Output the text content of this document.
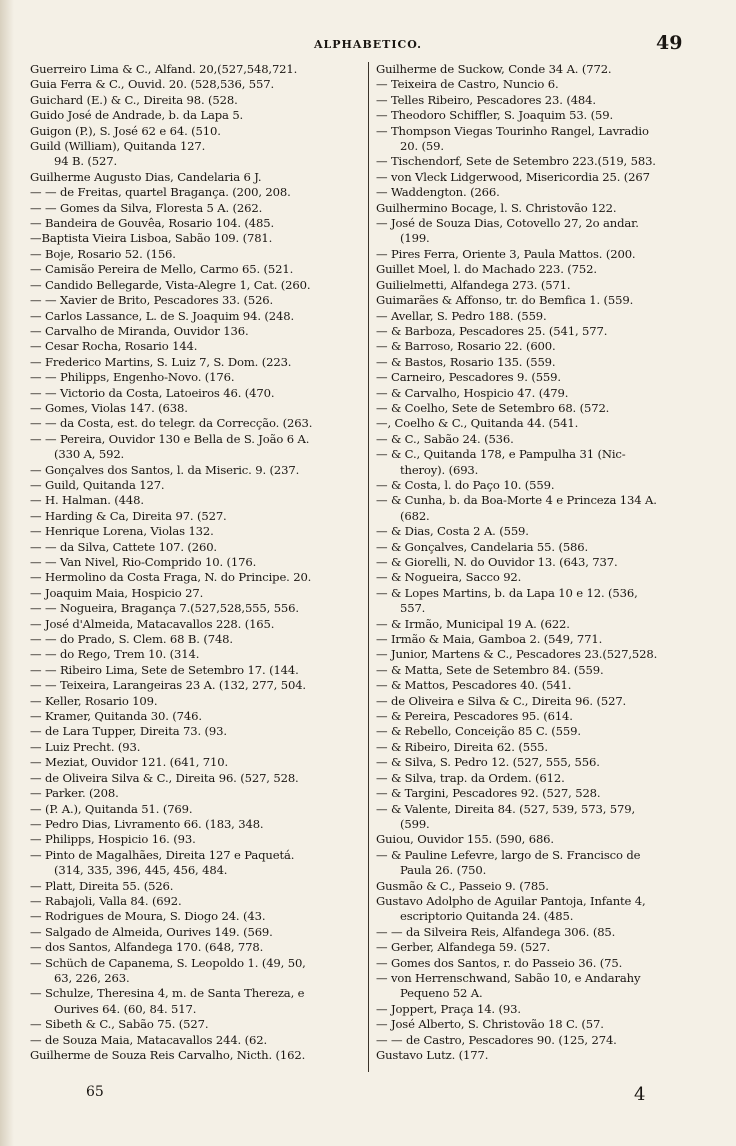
ALPHABETICO.	49
Guerreiro Lima & C., Alfand. 20,(527,548,721.
Guia Ferra & C., Ouvid. 20. (528,536, 557.
Guichard (E.) & C., Direita 98. (528.
Guido José de Andrade, b. da Lapa 5.
Guigon (P.), S. José 62 e 64. (510.
Guild (William), Quitanda 127.
94 B. (527.
Guilherme Augusto Dias, Candelaria 6 J.
— — de Freitas, quartel Bragança. (200, 208.
— — Gomes da Silva, Floresta 5 A. (262.
— Bandeira de Gouvêa, Rosario 104. (485.
—Baptista Vieira Lisboa, Sabão 109. (781.
— Boje, Rosario 52. (156.
— Camisão Pereira de Mello, Carmo 65. (521.
— Candido Bellegarde, Vista-Alegre 1, Cat. (260.
— — Xavier de Brito, Pescadores 33. (526.
— Carlos Lassance, L. de S. Joaquim 94. (248.
— Carvalho de Miranda, Ouvidor 136.
— Cesar Rocha, Rosario 144.
— Frederico Martins, S. Luiz 7, S. Dom. (223.
— — Philipps, Engenho-Novo. (176.
— — Victorio da Costa, Latoeiros 46. (470.
— Gomes, Violas 147. (638.
— — da Costa, est. do telegr. da Correcção. (263.
— — Pereira, Ouvidor 130 e Bella de S. João 6 A.
(330 A, 592.
— Gonçalves dos Santos, l. da Miseric. 9. (237.
— Guild, Quitanda 127.
— H. Halman. (448.
— Harding & Ca, Direita 97. (527.
— Henrique Lorena, Violas 132.
— — da Silva, Cattete 107. (260.
— — Van Nivel, Rio-Comprido 10. (176.
— Hermolino da Costa Fraga, N. do Principe. 20.
— Joaquim Maia, Hospicio 27.
— — Nogueira, Bragança 7.(527,528,555, 556.
— José d'Almeida, Matacavallos 228. (165.
— — do Prado, S. Clem. 68 B. (748.
— — do Rego, Trem 10. (314.
— — Ribeiro Lima, Sete de Setembro 17. (144.
— — Teixeira, Larangeiras 23 A. (132, 277, 504.
— Keller, Rosario 109.
— Kramer, Quitanda 30. (746.
— de Lara Tupper, Direita 73. (93.
— Luiz Precht. (93.
— Meziat, Ouvidor 121. (641, 710.
— de Oliveira Silva & C., Direita 96. (527, 528.
— Parker. (208.
— (P. A.), Quitanda 51. (769.
— Pedro Dias, Livramento 66. (183, 348.
— Philipps, Hospicio 16. (93.
— Pinto de Magalhães, Direita 127 e Paquetá.
(314, 335, 396, 445, 456, 484.
— Platt, Direita 55. (526.
— Rabajoli, Valla 84. (692.
— Rodrigues de Moura, S. Diogo 24. (43.
— Salgado de Almeida, Ourives 149. (569.
— dos Santos, Alfandega 170. (648, 778.
— Schüch de Capanema, S. Leopoldo 1. (49, 50,
63, 226, 263.
— Schulze, Theresina 4, m. de Santa Thereza, e
Ourives 64. (60, 84. 517.
— Sibeth & C., Sabão 75. (527.
— de Souza Maia, Matacavallos 244. (62.
Guilherme de Souza Reis Carvalho, Nicth. (162.
Guilherme de Suckow, Conde 34 A. (772.
— Teixeira de Castro, Nuncio 6.
— Telles Ribeiro, Pescadores 23. (484.
— Theodoro Schiffler, S. Joaquim 53. (59.
— Thompson Viegas Tourinho Rangel, Lavradio
20. (59.
— Tischendorf, Sete de Setembro 223.(519, 583.
— von Vleck Lidgerwood, Misericordia 25. (267
— Waddengton. (266.
Guilhermino Bocage, l. S. Christovão 122.
— José de Souza Dias, Cotovello 27, 2o andar.
(199.
— Pires Ferra, Oriente 3, Paula Mattos. (200.
Guillet Moel, l. do Machado 223. (752.
Guilielmetti, Alfandega 273. (571.
Guimarães & Affonso, tr. do Bemfica 1. (559.
— Avellar, S. Pedro 188. (559.
— & Barboza, Pescadores 25. (541, 577.
— & Barroso, Rosario 22. (600.
— & Bastos, Rosario 135. (559.
— Carneiro, Pescadores 9. (559.
— & Carvalho, Hospicio 47. (479.
— & Coelho, Sete de Setembro 68. (572.
—, Coelho & C., Quitanda 44. (541.
— & C., Sabão 24. (536.
— & C., Quitanda 178, e Pampulha 31 (Nic-
theroy). (693.
— & Costa, l. do Paço 10. (559.
— & Cunha, b. da Boa-Morte 4 e Princeza 134 A.
(682.
— & Dias, Costa 2 A. (559.
— & Gonçalves, Candelaria 55. (586.
— & Giorelli, N. do Ouvidor 13. (643, 737.
— & Nogueira, Sacco 92.
— & Lopes Martins, b. da Lapa 10 e 12. (536,
557.
— & Irmão, Municipal 19 A. (622.
— Irmão & Maia, Gamboa 2. (549, 771.
— Junior, Martens & C., Pescadores 23.(527,528.
— & Matta, Sete de Setembro 84. (559.
— & Mattos, Pescadores 40. (541.
— de Oliveira e Silva & C., Direita 96. (527.
— & Pereira, Pescadores 95. (614.
— & Rebello, Conceição 85 C. (559.
— & Ribeiro, Direita 62. (555.
— & Silva, S. Pedro 12. (527, 555, 556.
— & Silva, trap. da Ordem. (612.
— & Targini, Pescadores 92. (527, 528.
— & Valente, Direita 84. (527, 539, 573, 579,
(599.
Guiou, Ouvidor 155. (590, 686.
— & Pauline Lefevre, largo de S. Francisco de
Paula 26. (750.
Gusmão & C., Passeio 9. (785.
Gustavo Adolpho de Aguilar Pantoja, Infante 4,
escriptorio Quitanda 24. (485.
— — da Silveira Reis, Alfandega 306. (85.
— Gerber, Alfandega 59. (527.
— Gomes dos Santos, r. do Passeio 36. (75.
— von Herrenschwand, Sabão 10, e Andarahy
Pequeno 52 A.
— Joppert, Praça 14. (93.
— José Alberto, S. Christovão 18 C. (57.
— — de Castro, Pescadores 90. (125, 274.
Gustavo Lutz. (177.
65	4
